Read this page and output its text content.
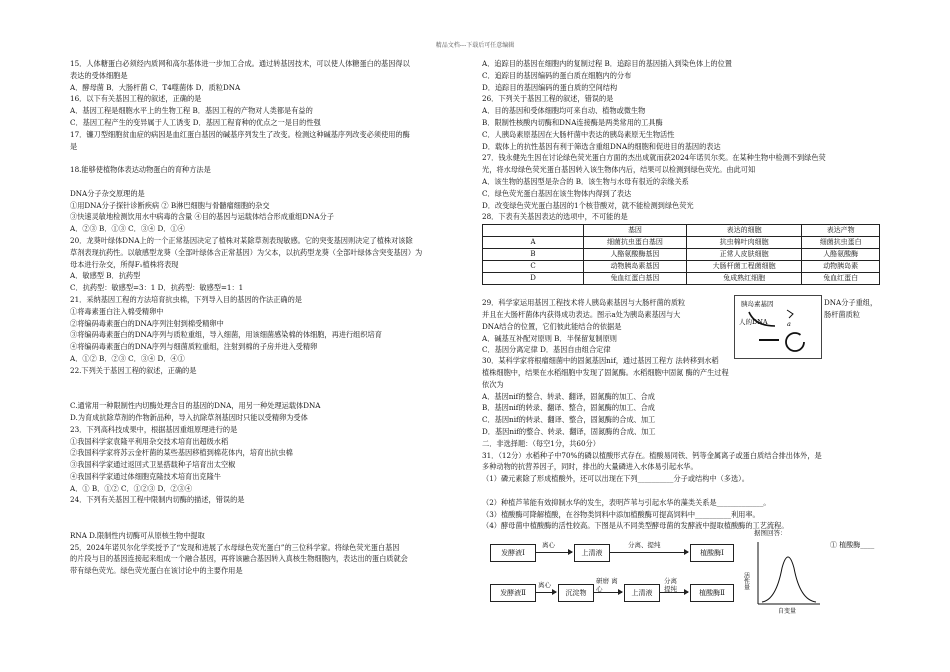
精品文档---下载后可任意编辑
15．人体糖蛋白必须经内质网和高尔基体进一步加工合成。通过转基因技术，可以使人体糖蛋白的基因得以
表达的受体细胞是
A．酵母菌 B．大肠杆菌 C．T4噬菌体 D．质粒DNA
16．以下有关基因工程的叙述，正确的是
A．基因工程是细胞水平上的生物工程 B．基因工程的产物对人类都是有益的
C．基因工程产生的变异属于人工诱变 D．基因工程育种的优点之一是目的性强
17．镰刀型细胞贫血症的病因是血红蛋白基因的碱基序列发生了改变。检测这种碱基序列改变必须使用的酶
是

18.能够使植物体表达动物蛋白的育种方法是

DNA分子杂交原理的是
①用DNA分子探针诊断疾病 ② B淋巴细胞与骨髓瘤细胞的杂交
③快速灵敏地检测饮用水中病毒的含量 ④目的基因与运载体结合形成重组DNA分子
A．②③ B．①③ C．③④ D．①④
20．龙葵叶绿体DNA上的一个正常基因决定了植株对某除草剂表现敏感。它的突变基因则决定了植株对该除
草剂表现抗药性。以敏感型龙葵（全部叶绿体含正常基因）为父本，以抗药型龙葵（全部叶绿体含突变基因）为
母本进行杂交，所得F₁植株将表现
A．敏感型 B．抗药型
C．抗药型：敏感型=3：1 D．抗药型：敏感型=1：1
21．采纳基因工程的方法培育抗虫棉，下列导入目的基因的作法正确的是
①将毒素蛋白注入棉受精卵中
②将编码毒素蛋白的DNA序列注射到棉受精卵中
③将编码毒素蛋白的DNA序列与质粒重组，导入细菌，用该细菌感染棉的体细胞，再进行组织培育
④将编码毒素蛋白的DNA序列与细菌质粒重组，注射到棉的子房并进入受精卵
A．①② B．②③ C．③④ D．④①
22.下列关于基因工程的叙述，正确的是

C.通常用一种限制性内切酶处理含目的基因的DNA，用另一种处理运载体DNA
D.为育成抗除草剂的作物新品种，导入抗除草剂基因时只能以受精卵为受体
23．下列高科技成果中，根据基因重组原理进行的是
①我国科学家袁隆平利用杂交技术培育出超级水稻
②我国科学家将苏云金杆菌的某些基因移植到棉花体内，培育出抗虫棉
③我国科学家通过返回式卫星搭载种子培育出太空椒
④我国科学家通过体细胞克隆技术培育出克隆牛
A．① B．①② C．①②③ D．②③④
24．下列有关基因工程中限制内切酶的描述，错误的是

RNA D.限制性内切酶可从原核生物中提取
25．2024年诺贝尔化学奖授予了“发现和进展了水母绿色荧光蛋白”的三位科学家。将绿色荧光蛋白基因
的片段与目的基因连接起来组成一个融合基因，再将该融合基因转入真核生物细胞内，表达出的蛋白质就会
带有绿色荧光。绿色荧光蛋白在该讨论中的主要作用是
A．追踪目的基因在细胞内的复制过程 B．追踪目的基因插入到染色体上的位置
C．追踪目的基因编码的蛋白质在细胞内的分布
D．追踪目的基因编码的蛋白质的空间结构
26．下列关于基因工程的叙述，错误的是
A．目的基因和受体细胞均可来自动、植物或微生物
B．限制性核酸内切酶和DNA连接酶是两类常用的工具酶
C．人胰岛素原基因在大肠杆菌中表达的胰岛素原无生物活性
D．载体上的抗性基因有利于筛选含重组DNA的细胞和促进目的基因的表达
27．钱永健先生因在讨论绿色荧光蛋白方面的杰出成就而获2024年诺贝尔奖。在某种生物中检测不到绿色荧
光，将水母绿色荧光蛋白基因转入该生物体内后，结果可以检测到绿色荧光。由此可知
A．该生物的基因型是杂合的 B．该生物与水母有很近的亲缘关系
C．绿色荧光蛋白基因在该生物体内得到了表达
D．改变绿色荧光蛋白基因的1个核苷酸对，就不能检测到绿色荧光
28．下表有关基因表达的选项中，不可能的是
	基因	表达的细胞	表达产物
A	细菌抗虫蛋白基因	抗虫棉叶肉细胞	细菌抗虫蛋白
B	人酪氨酸酶基因	正常人皮肤细胞	人酪氨酸酶
C	动物胰岛素基因	大肠杆菌工程菌细胞	动物胰岛素
D	兔血红蛋白基因	兔成熟红细胞	兔血红蛋白
29．科学家运用基因工程技术将人胰岛素基因与大肠杆菌的质粒
并且在大肠杆菌体内获得成功表达。图示a处为胰岛素基因与大
DNA结合的位置，它们彼此能结合的依据是
A．碱基互补配对原则 B．半保留复制原则
C．基因分离定律 D．基因自由组合定律
胰岛素基因
人的DNA	a
DNA分子重组，
肠杆菌质粒
30．某科学家将根瘤细菌中的固氮基因nif，通过基因工程方 法转移到水稻
植株细胞中，结果在水稻细胞中发现了固氮酶。水稻细胞中固氮 酶的产生过程
依次为
A．基因nif的整合、转录、翻译，固氮酶的加工、合成
B．基因nif的转录、翻译、整合，固氮酶的加工、合成
C．基因nif的转录、翻译、整合，固氮酶的合成、加工
D．基因nif的整合、转录、翻译，固氮酶的合成、加工
二．非选择题：（每空1分，共60分）
31．（12分）水稻种子中70%的磷以植酸形式存在。植酸易同铁、钙等金属离子或蛋白质结合排出体外，是
多种动物的抗营养因子，同时，排出的大量磷进入水体易引起水华。
（1）磷元素除了形成植酸外，还可以出现在下列__________分子或结构中（多选）。

（2）种植芦苇能有效抑制水华的发生，表明芦苇与引起水华的藻类关系是_____________。
（3）植酸酶可降解植酸，在谷物类饲料中添加植酸酶可提高饲料中__________利用率。
（4）酵母菌中植酸酶的活性较高。下图是从不同类型酵母菌的发酵液中提取植酸酶的工艺流程。
发酵液Ⅰ
离心
上清液
分离、提纯
植酸酶Ⅰ
发酵液Ⅱ
离心
沉淀物
研磨 离心	上清液
分离 提纯	植酸酶Ⅱ
据图回答：
活性量
自变量
① 植酸酶____
